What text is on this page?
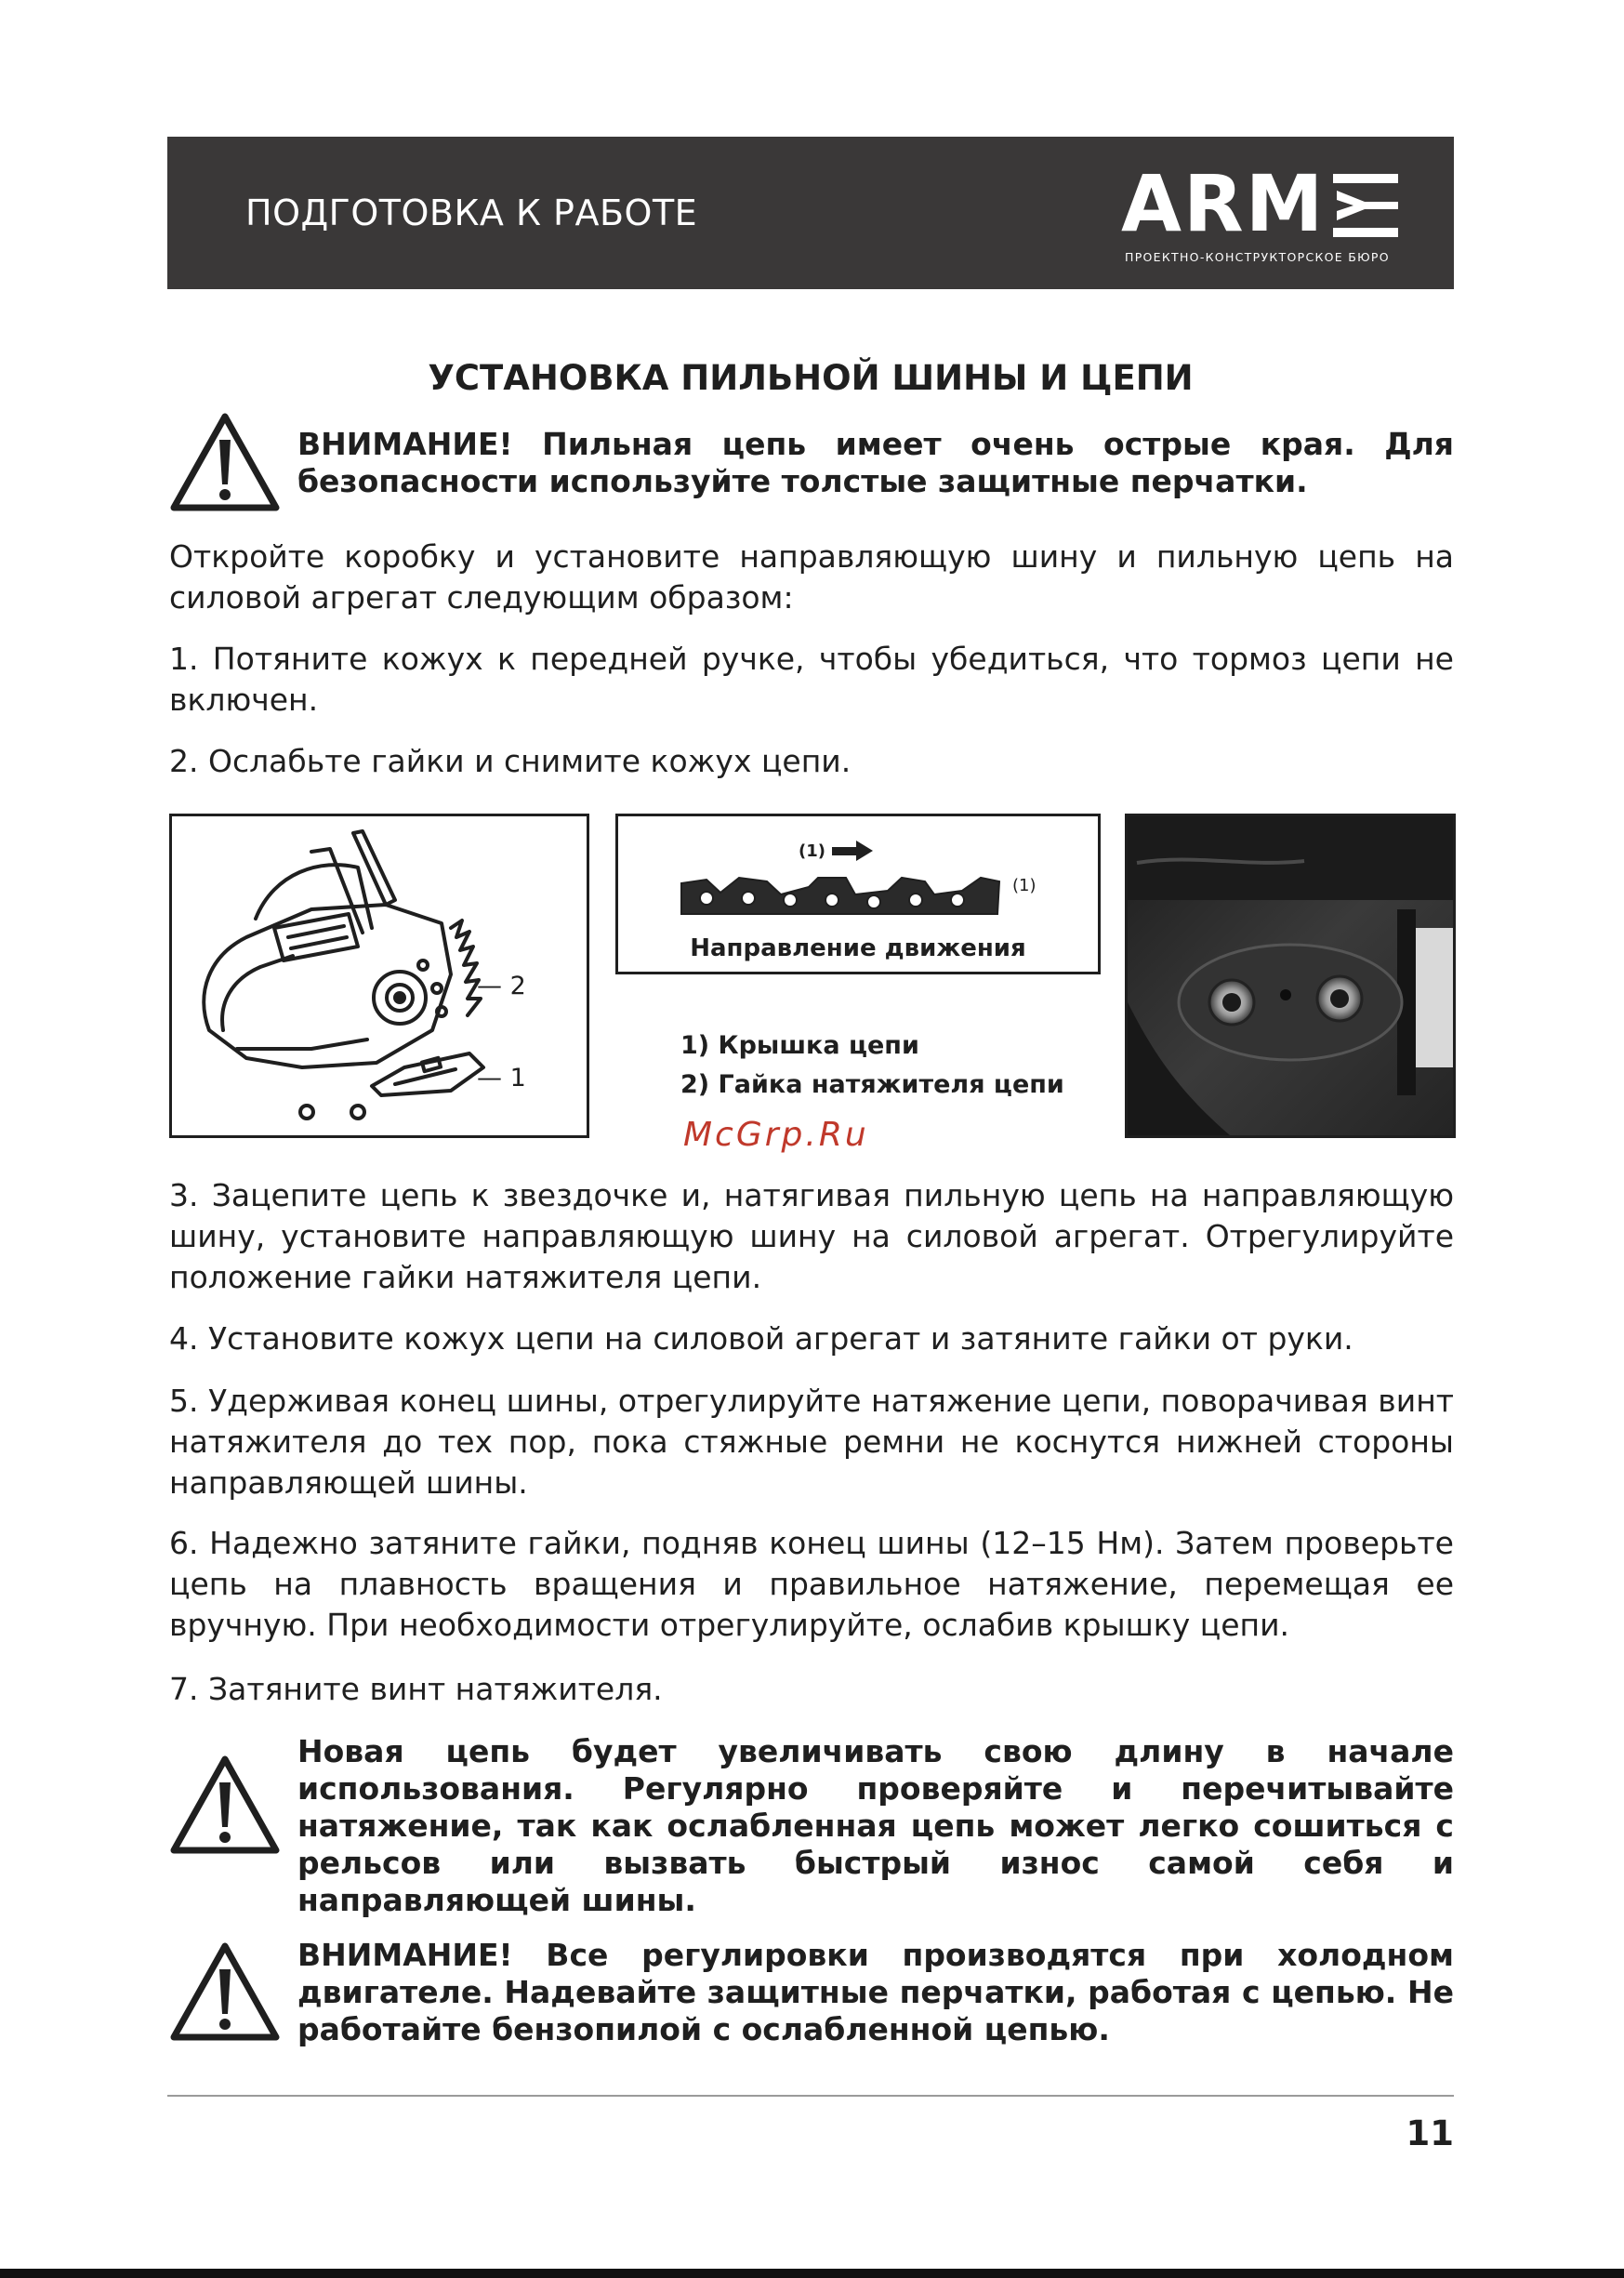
ПОДГОТОВКА К РАБОТЕ	ARM
ПРОЕКТНО-КОНСТРУКТОРСКОЕ БЮРО
УСТАНОВКА ПИЛЬНОЙ ШИНЫ И ЦЕПИ
ВНИМАНИЕ! Пильная цепь имеет очень острые края. Для безопасности используйте толстые защитные перчатки.
Откройте коробку и установите направляющую шину и пильную цепь на силовой агрегат следующим образом:
1. Потяните кожух к передней ручке, чтобы убедиться, что тормоз цепи не включен.
2. Ослабьте гайки и снимите кожух цепи.
— 2
— 1
(1)
(1)
Направление движения
1) Крышка цепи
2) Гайка натяжителя цепи
McGrp.Ru
3. Зацепите цепь к звездочке и, натягивая пильную цепь на направляющую шину, установите направляющую шину на силовой агрегат. Отрегулируйте положение гайки натяжителя цепи.
4. Установите кожух цепи на силовой агрегат и затяните гайки от руки.
5. Удерживая конец шины, отрегулируйте натяжение цепи, поворачивая винт натяжителя до тех пор, пока стяжные ремни не коснутся нижней стороны направляющей шины.
6. Надежно затяните гайки, подняв конец шины (12–15 Нм). Затем проверьте цепь на плавность вращения и правильное натяжение, перемещая ее вручную. При необходимости отрегулируйте, ослабив крышку цепи.
7. Затяните винт натяжителя.
Новая цепь будет увеличивать свою длину в начале использования. Регулярно проверяйте и перечитывайте натяжение, так как ослабленная цепь может легко сошиться с рельсов или вызвать быстрый износ самой себя и направляющей шины.
ВНИМАНИЕ! Все регулировки производятся при холодном двигателе. Надевайте защитные перчатки, работая с цепью. Не работайте бензопилой с ослабленной цепью.
11
